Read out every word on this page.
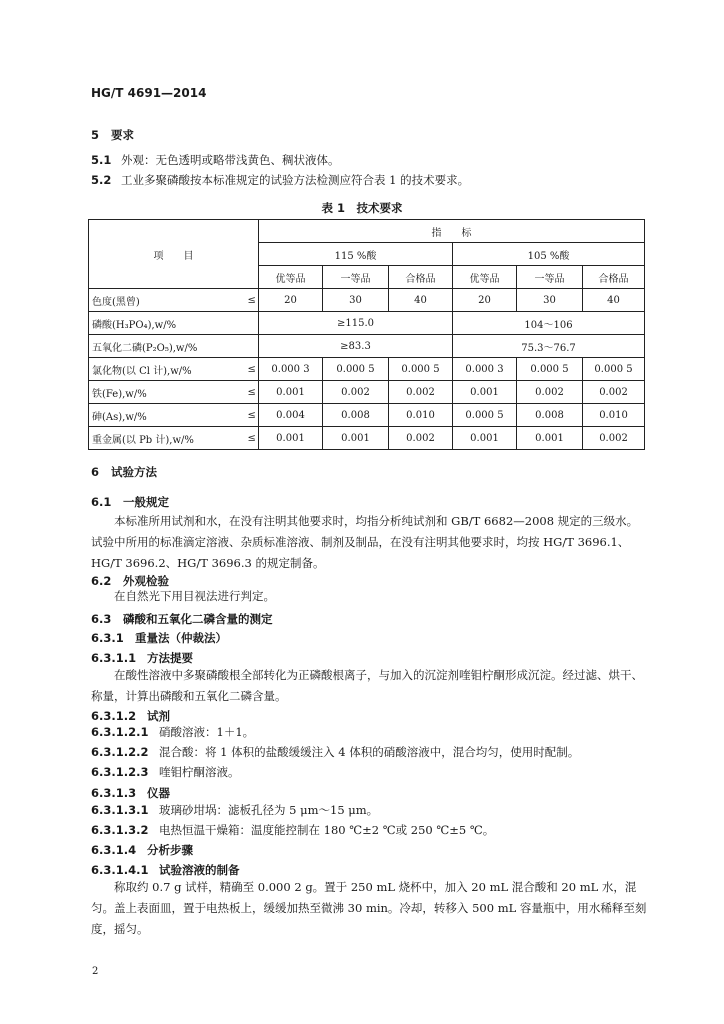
HG/T 4691—2014
5 要求
5.1 外观：无色透明或略带浅黄色、稠状液体。
5.2 工业多聚磷酸按本标准规定的试验方法检测应符合表 1 的技术要求。
表 1　技术要求
项　　目		指　　标					
		115 %酸			105 %酸		
		优等品	一等品	合格品	优等品	一等品	合格品
色度(黑曾)	≤	20	30	40	20	30	40
磷酸(H₃PO₄),w/%		≥115.0			104～106		
五氧化二磷(P₂O₅),w/%		≥83.3			75.3～76.7		
氯化物(以 Cl 计),w/%	≤	0.000 3	0.000 5	0.000 5	0.000 3	0.000 5	0.000 5
铁(Fe),w/%	≤	0.001	0.002	0.002	0.001	0.002	0.002
砷(As),w/%	≤	0.004	0.008	0.010	0.000 5	0.008	0.010
重金属(以 Pb 计),w/%	≤	0.001	0.001	0.002	0.001	0.001	0.002
6 试验方法
6.1 一般规定
本标准所用试剂和水，在没有注明其他要求时，均指分析纯试剂和 GB/T 6682—2008 规定的三级水。试验中所用的标准滴定溶液、杂质标准溶液、制剂及制品，在没有注明其他要求时，均按 HG/T 3696.1、HG/T 3696.2、HG/T 3696.3 的规定制备。
6.2 外观检验
在自然光下用目视法进行判定。
6.3 磷酸和五氧化二磷含量的测定
6.3.1 重量法（仲裁法）
6.3.1.1 方法提要
在酸性溶液中多聚磷酸根全部转化为正磷酸根离子，与加入的沉淀剂喹钼柠酮形成沉淀。经过滤、烘干、称量，计算出磷酸和五氧化二磷含量。
6.3.1.2 试剂
6.3.1.2.1 硝酸溶液：1＋1。
6.3.1.2.2 混合酸：将 1 体积的盐酸缓缓注入 4 体积的硝酸溶液中，混合均匀，使用时配制。
6.3.1.2.3 喹钼柠酮溶液。
6.3.1.3 仪器
6.3.1.3.1 玻璃砂坩埚：滤板孔径为 5 μm～15 μm。
6.3.1.3.2 电热恒温干燥箱：温度能控制在 180 ℃±2 ℃或 250 ℃±5 ℃。
6.3.1.4 分析步骤
6.3.1.4.1 试验溶液的制备
称取约 0.7 g 试样，精确至 0.000 2 g。置于 250 mL 烧杯中，加入 20 mL 混合酸和 20 mL 水，混匀。盖上表面皿，置于电热板上，缓缓加热至微沸 30 min。冷却，转移入 500 mL 容量瓶中，用水稀释至刻度，摇匀。
2
